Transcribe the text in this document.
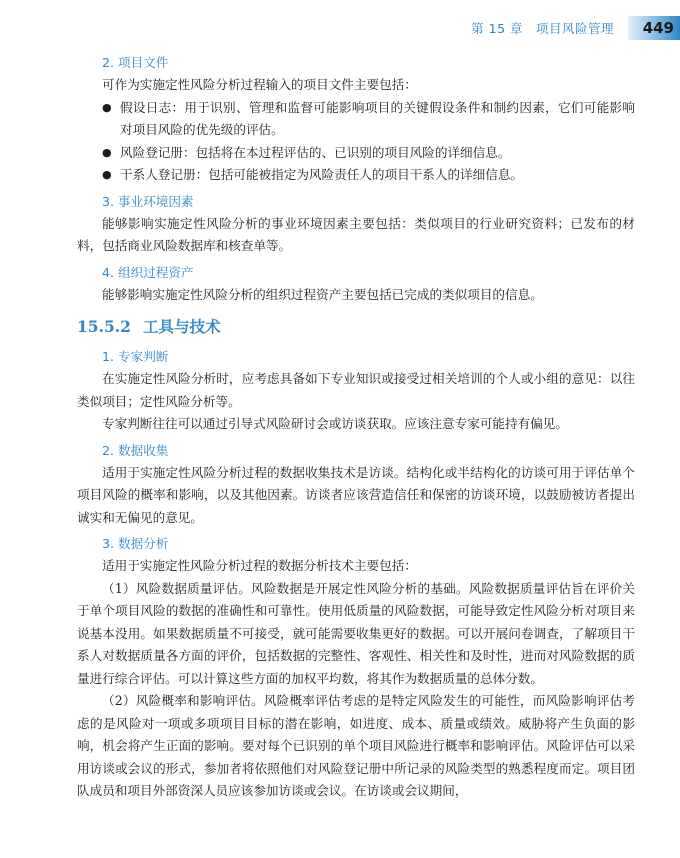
第 15 章　项目风险管理 449
2. 项目文件

可作为实施定性风险分析过程输入的项目文件主要包括：

● 假设日志：用于识别、管理和监督可能影响项目的关键假设条件和制约因素，它们可能影响对项目风险的优先级的评估。
● 风险登记册：包括将在本过程评估的、已识别的项目风险的详细信息。
● 干系人登记册：包括可能被指定为风险责任人的项目干系人的详细信息。
3. 事业环境因素

能够影响实施定性风险分析的事业环境因素主要包括：类似项目的行业研究资料；已发布的材料，包括商业风险数据库和核查单等。

4. 组织过程资产

能够影响实施定性风险分析的组织过程资产主要包括已完成的类似项目的信息。

15.5.2 工具与技术
1. 专家判断

在实施定性风险分析时，应考虑具备如下专业知识或接受过相关培训的个人或小组的意见：以往类似项目；定性风险分析等。

专家判断往往可以通过引导式风险研讨会或访谈获取。应该注意专家可能持有偏见。

2. 数据收集

适用于实施定性风险分析过程的数据收集技术是访谈。结构化或半结构化的访谈可用于评估单个项目风险的概率和影响，以及其他因素。访谈者应该营造信任和保密的访谈环境，以鼓励被访者提出诚实和无偏见的意见。

3. 数据分析

适用于实施定性风险分析过程的数据分析技术主要包括：

（1）风险数据质量评估。风险数据是开展定性风险分析的基础。风险数据质量评估旨在评价关于单个项目风险的数据的准确性和可靠性。使用低质量的风险数据，可能导致定性风险分析对项目来说基本没用。如果数据质量不可接受，就可能需要收集更好的数据。可以开展问卷调查，了解项目干系人对数据质量各方面的评价，包括数据的完整性、客观性、相关性和及时性，进而对风险数据的质量进行综合评估。可以计算这些方面的加权平均数，将其作为数据质量的总体分数。

（2）风险概率和影响评估。风险概率评估考虑的是特定风险发生的可能性，而风险影响评估考虑的是风险对一项或多项项目目标的潜在影响，如进度、成本、质量或绩效。威胁将产生负面的影响，机会将产生正面的影响。要对每个已识别的单个项目风险进行概率和影响评估。风险评估可以采用访谈或会议的形式，参加者将依照他们对风险登记册中所记录的风险类型的熟悉程度而定。项目团队成员和项目外部资深人员应该参加访谈或会议。在访谈或会议期间，
